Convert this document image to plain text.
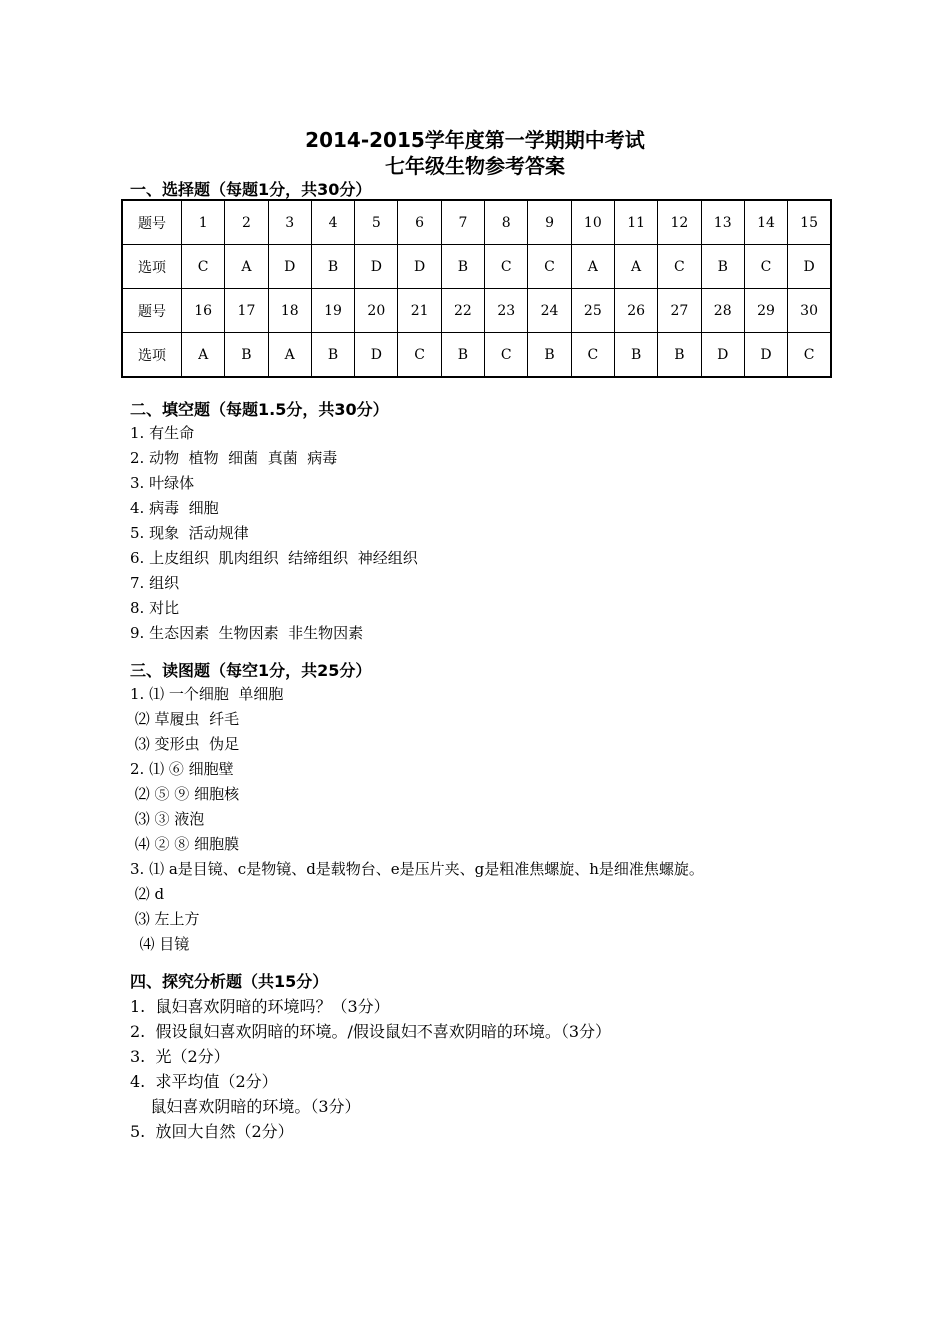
2014-2015学年度第一学期期中考试
七年级生物参考答案
一、选择题（每题1分，共30分）
题号	1	2	3	4	5	6	7	8	9	10	11	12	13	14	15
选项	C	A	D	B	D	D	B	C	C	A	A	C	B	C	D
题号	16	17	18	19	20	21	22	23	24	25	26	27	28	29	30
选项	A	B	A	B	D	C	B	C	B	C	B	B	D	D	C
二、填空题（每题1.5分，共30分）
1. 有生命
2. 动物  植物  细菌  真菌  病毒
3. 叶绿体
4. 病毒  细胞
5. 现象  活动规律
6. 上皮组织  肌肉组织  结缔组织  神经组织
7. 组织
8. 对比
9. 生态因素  生物因素  非生物因素
三、读图题（每空1分，共25分）
1. ⑴ 一个细胞  单细胞
⑵ 草履虫  纤毛
⑶ 变形虫  伪足
2. ⑴ ⑥ 细胞壁
⑵ ⑤ ⑨ 细胞核
⑶ ③ 液泡
⑷ ② ⑧ 细胞膜
3. ⑴ a是目镜、c是物镜、d是载物台、e是压片夹、g是粗准焦螺旋、h是细准焦螺旋。
⑵ d
⑶ 左上方
⑷ 目镜
四、探究分析题（共15分）
1.  鼠妇喜欢阴暗的环境吗？（3分）
2.  假设鼠妇喜欢阴暗的环境。/假设鼠妇不喜欢阴暗的环境。（3分）
3.  光（2分）
4.  求平均值（2分）
鼠妇喜欢阴暗的环境。（3分）
5.  放回大自然（2分）
